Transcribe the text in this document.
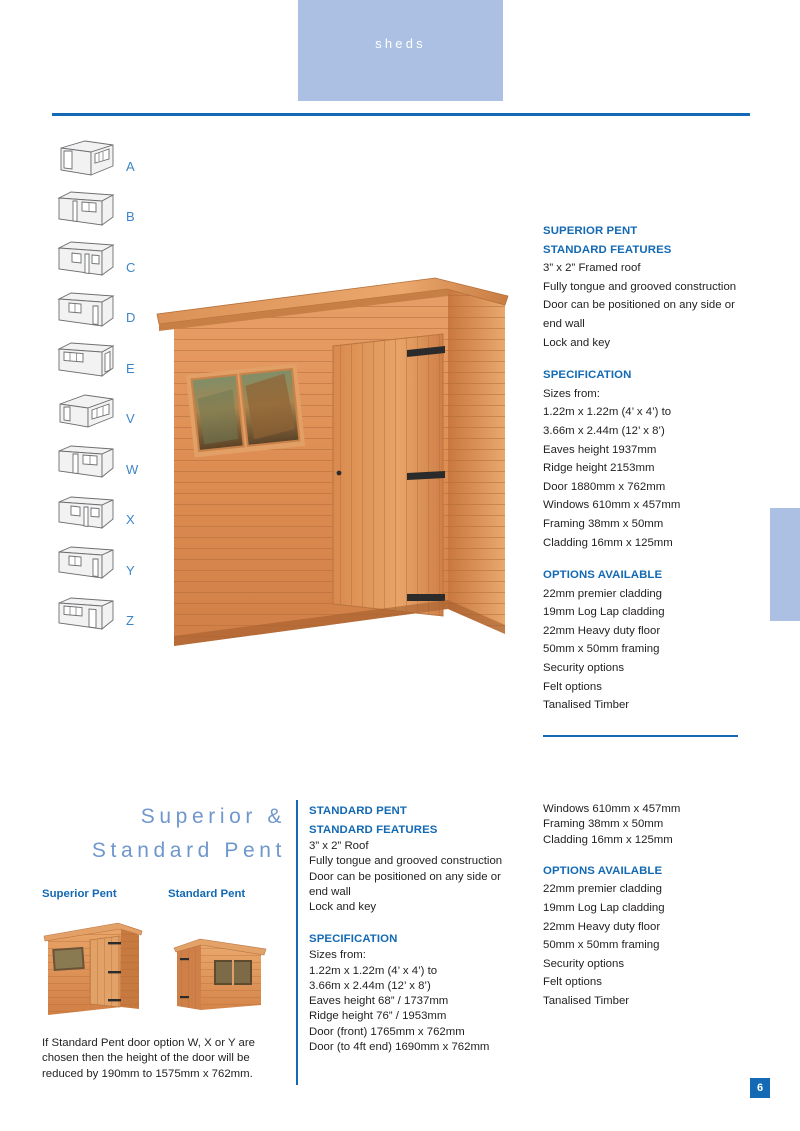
sheds
A
B
C
D
E
V
W
X
Y
Z
SUPERIOR PENT
STANDARD FEATURES
3” x 2” Framed roof
Fully tongue and grooved construction
Door can be positioned on any side or end wall
Lock and key
SPECIFICATION
Sizes from:
1.22m x 1.22m (4’ x 4’) to
3.66m x 2.44m (12’ x 8’)
Eaves height 1937mm
Ridge height 2153mm
Door 1880mm x 762mm
Windows 610mm x 457mm
Framing 38mm x 50mm
Cladding 16mm x 125mm
OPTIONS AVAILABLE
22mm premier cladding
19mm Log Lap cladding
22mm Heavy duty floor
50mm x 50mm framing
Security options
Felt options
Tanalised Timber
Superior &
Standard Pent
Superior Pent	Standard Pent
If Standard Pent door option W, X or Y are chosen then the height of the door will be reduced by 190mm to 1575mm x 762mm.
STANDARD PENT
STANDARD FEATURES
3” x 2” Roof
Fully tongue and grooved construction
Door can be positioned on any side or end wall
Lock and key
SPECIFICATION
Sizes from:
1.22m x 1.22m (4’ x 4’) to
3.66m x 2.44m (12’ x 8’)
Eaves height 68” / 1737mm
Ridge height 76” / 1953mm
Door (front) 1765mm x 762mm
Door (to 4ft end) 1690mm x 762mm
Windows 610mm x 457mm
Framing 38mm x 50mm
Cladding 16mm x 125mm
OPTIONS AVAILABLE
22mm premier cladding
19mm Log Lap cladding
22mm Heavy duty floor
50mm x 50mm framing
Security options
Felt options
Tanalised Timber
6
